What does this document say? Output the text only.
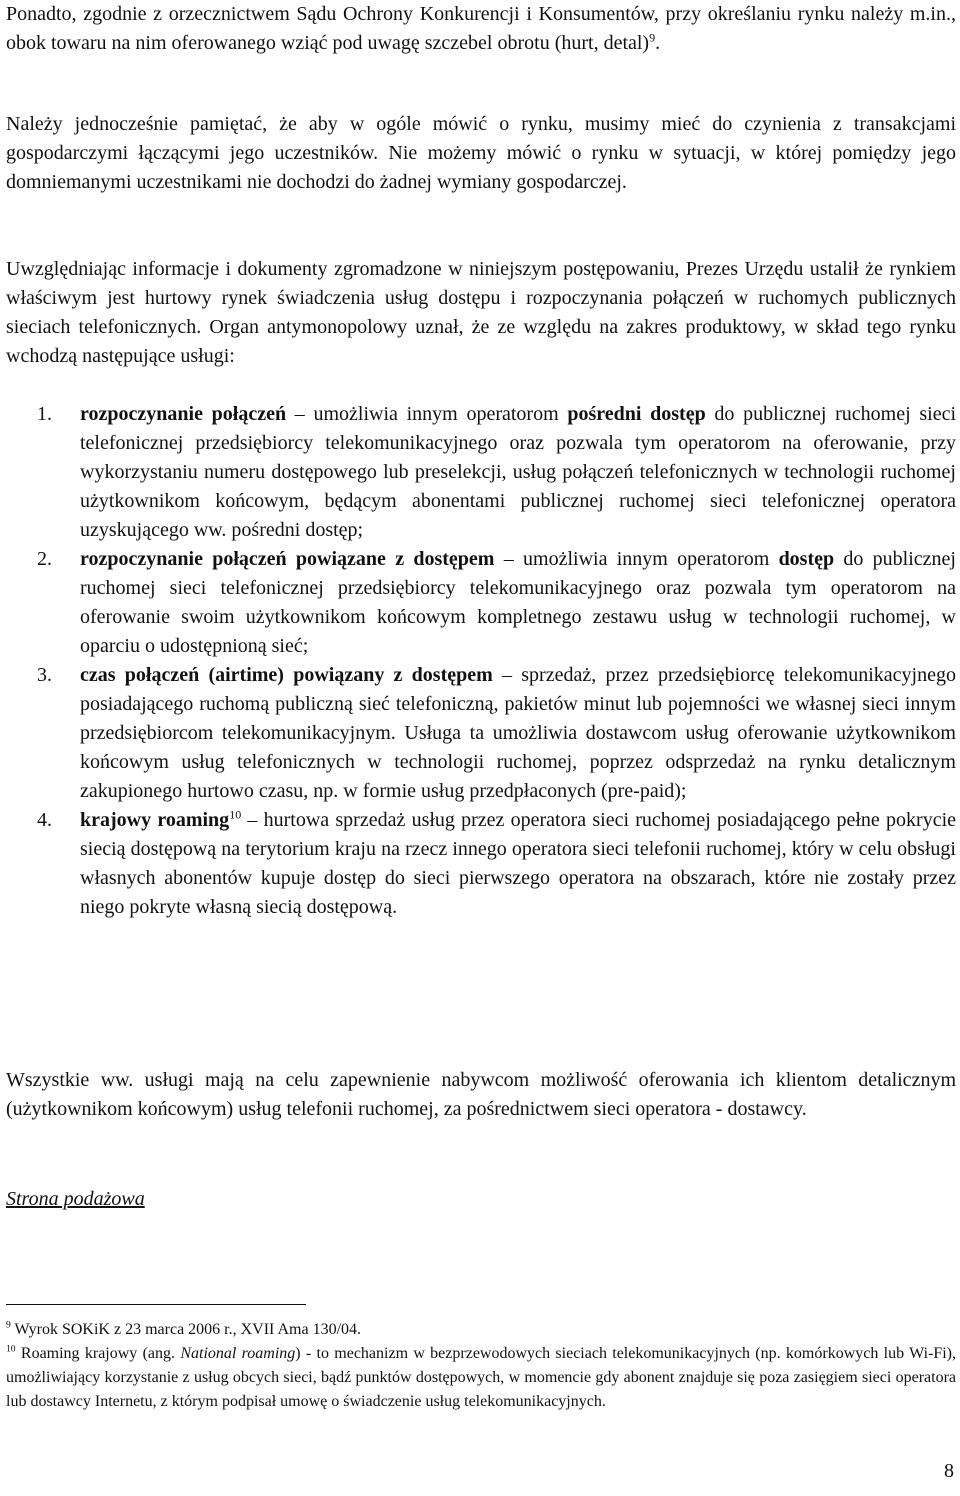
Ponadto, zgodnie z orzecznictwem Sądu Ochrony Konkurencji i Konsumentów, przy określaniu rynku należy m.in., obok towaru na nim oferowanego wziąć pod uwagę szczebel obrotu (hurt, detal)$^9$.

Należy jednocześnie pamiętać, że aby w ogóle mówić o rynku, musimy mieć do czynienia z transakcjami gospodarczymi łączącymi jego uczestników. Nie możemy mówić o rynku w sytuacji, w której pomiędzy jego domniemanymi uczestnikami nie dochodzi do żadnej wymiany gospodarczej.

Uwzględniając informacje i dokumenty zgromadzone w niniejszym postępowaniu, Prezes Urzędu ustalił że rynkiem właściwym jest hurtowy rynek świadczenia usług dostępu i rozpoczynania połączeń w ruchomych publicznych sieciach telefonicznych. Organ antymonopolowy uznał, że ze względu na zakres produktowy, w skład tego rynku wchodzą następujące usługi:

1.	rozpoczynanie połączeń – umożliwia innym operatorom pośredni dostęp do publicznej ruchomej sieci telefonicznej przedsiębiorcy telekomunikacyjnego oraz pozwala tym operatorom na oferowanie, przy wykorzystaniu numeru dostępowego lub preselekcji, usług połączeń telefonicznych w technologii ruchomej użytkownikom końcowym, będącym abonentami publicznej ruchomej sieci telefonicznej operatora uzyskującego ww. pośredni dostęp;
2.	rozpoczynanie połączeń powiązane z dostępem – umożliwia innym operatorom dostęp do publicznej ruchomej sieci telefonicznej przedsiębiorcy telekomunikacyjnego oraz pozwala tym operatorom na oferowanie swoim użytkownikom końcowym kompletnego zestawu usług w technologii ruchomej, w oparciu o udostępnioną sieć;
3.	czas połączeń (airtime) powiązany z dostępem – sprzedaż, przez przedsiębiorcę telekomunikacyjnego posiadającego ruchomą publiczną sieć telefoniczną, pakietów minut lub pojemności we własnej sieci innym przedsiębiorcom telekomunikacyjnym. Usługa ta umożliwia dostawcom usług oferowanie użytkownikom końcowym usług telefonicznych w technologii ruchomej, poprzez odsprzedaż na rynku detalicznym zakupionego hurtowo czasu, np. w formie usług przedpłaconych (pre-paid);
4.	krajowy roaming$^{10}$ – hurtowa sprzedaż usług przez operatora sieci ruchomej posiadającego pełne pokrycie siecią dostępową na terytorium kraju na rzecz innego operatora sieci telefonii ruchomej, który w celu obsługi własnych abonentów kupuje dostęp do sieci pierwszego operatora na obszarach, które nie zostały przez niego pokryte własną siecią dostępową.

Wszystkie ww. usługi mają na celu zapewnienie nabywcom możliwość oferowania ich klientom detalicznym (użytkownikom końcowym) usług telefonii ruchomej, za pośrednictwem sieci operatora - dostawcy.

Strona podażowa

$^9$ Wyrok SOKiK z 23 marca 2006 r., XVII Ama 130/04.

$^{10}$ Roaming krajowy (ang. National roaming) - to mechanizm w bezprzewodowych sieciach telekomunikacyjnych (np. komórkowych lub Wi-Fi), umożliwiający korzystanie z usług obcych sieci, bądź punktów dostępowych, w momencie gdy abonent znajduje się poza zasięgiem sieci operatora lub dostawcy Internetu, z którym podpisał umowę o świadczenie usług telekomunikacyjnych.

8
